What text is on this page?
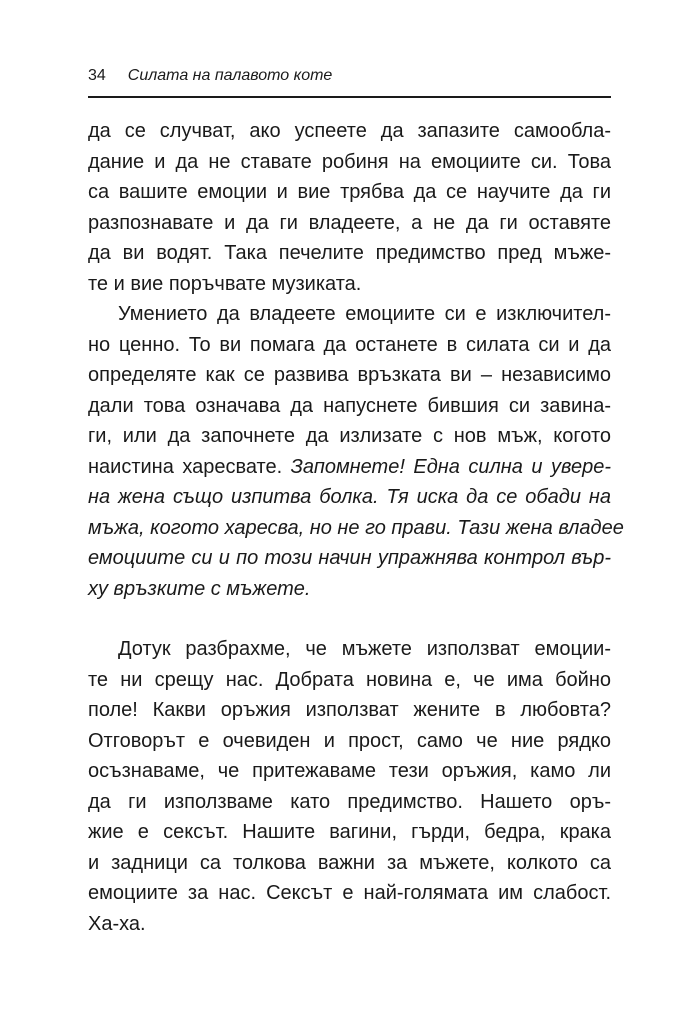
34 Силата на палавото коте
да се случват, ако успеете да запазите самообла-
дание и да не ставате робиня на емоциите си. Това
са вашите емоции и вие трябва да се научите да ги
разпознавате и да ги владеете, а не да ги оставяте
да ви водят. Така печелите предимство пред мъже-
те и вие поръчвате музиката.
Умението да владеете емоциите си е изключител-
но ценно. То ви помага да останете в силата си и да
определяте как се развива връзката ви – независимо
дали това означава да напуснете бившия си завина-
ги, или да започнете да излизате с нов мъж, когото
наистина харесвате. Запомнете! Една силна и увере-
на жена също изпитва болка. Тя иска да се обади на
мъжа, когото харесва, но не го прави. Тази жена владее
емоциите си и по този начин упражнява контрол вър-
ху връзките с мъжете.
Дотук разбрахме, че мъжете използват емоции-
те ни срещу нас. Добрата новина е, че има бойно
поле! Какви оръжия използват жените в любовта?
Отговорът е очевиден и прост, само че ние рядко
осъзнаваме, че притежаваме тези оръжия, камо ли
да ги използваме като предимство. Нашето оръ-
жие е сексът. Нашите вагини, гърди, бедра, крака
и задници са толкова важни за мъжете, колкото са
емоциите за нас. Сексът е най-голямата им слабост.
Ха-ха.
